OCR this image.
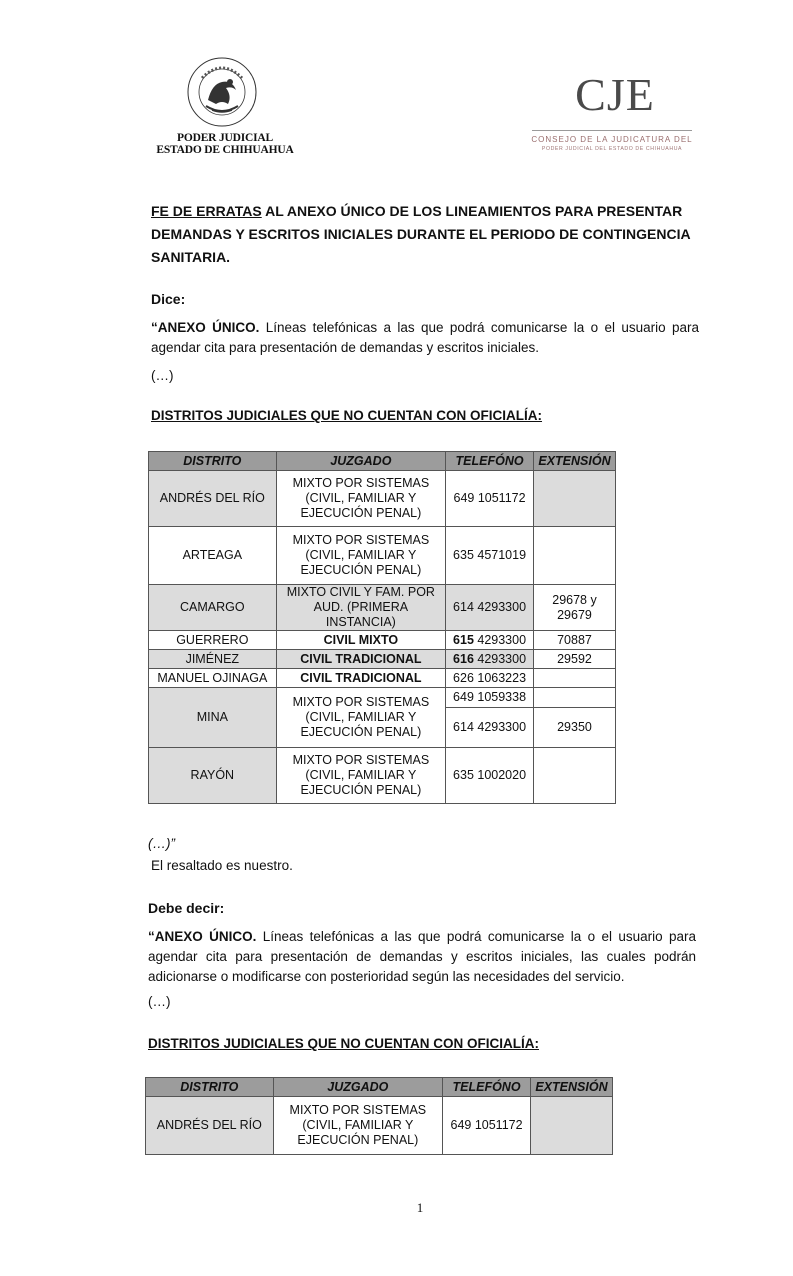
PODER JUDICIAL
ESTADO DE CHIHUAHUA
CJE
CONSEJO DE LA JUDICATURA DEL
PODER JUDICIAL DEL ESTADO DE CHIHUAHUA
FE DE ERRATAS AL ANEXO ÚNICO DE LOS LINEAMIENTOS PARA PRESENTAR DEMANDAS Y ESCRITOS INICIALES DURANTE EL PERIODO DE CONTINGENCIA SANITARIA.
Dice:
“ANEXO ÚNICO. Líneas telefónicas a las que podrá comunicarse la o el usuario para agendar cita para presentación de demandas y escritos iniciales.
(…)
DISTRITOS JUDICIALES QUE NO CUENTAN CON OFICIALÍA:
DISTRITO	JUZGADO	TELEFÓNO	EXTENSIÓN
ANDRÉS DEL RÍO	MIXTO POR SISTEMAS (CIVIL, FAMILIAR Y EJECUCIÓN PENAL)	649 1051172	
ARTEAGA	MIXTO POR SISTEMAS (CIVIL, FAMILIAR Y EJECUCIÓN PENAL)	635 4571019	
CAMARGO	MIXTO CIVIL Y FAM. POR AUD. (PRIMERA INSTANCIA)	614 4293300	29678 y 29679
GUERRERO	CIVIL MIXTO	615 4293300	70887
JIMÉNEZ	CIVIL TRADICIONAL	616 4293300	29592
MANUEL OJINAGA	CIVIL TRADICIONAL	626 1063223	
MINA	MIXTO POR SISTEMAS (CIVIL, FAMILIAR Y EJECUCIÓN PENAL)	649 1059338	
		614 4293300	29350
RAYÓN	MIXTO POR SISTEMAS (CIVIL, FAMILIAR Y EJECUCIÓN PENAL)	635 1002020	
(…)”
El resaltado es nuestro.
Debe decir:
“ANEXO ÚNICO. Líneas telefónicas a las que podrá comunicarse la o el usuario para agendar cita para presentación de demandas y escritos iniciales, las cuales podrán adicionarse o modificarse con posterioridad según las necesidades del servicio.
(…)
DISTRITOS JUDICIALES QUE NO CUENTAN CON OFICIALÍA:
DISTRITO	JUZGADO	TELEFÓNO	EXTENSIÓN
ANDRÉS DEL RÍO	MIXTO POR SISTEMAS (CIVIL, FAMILIAR Y EJECUCIÓN PENAL)	649 1051172	
1
